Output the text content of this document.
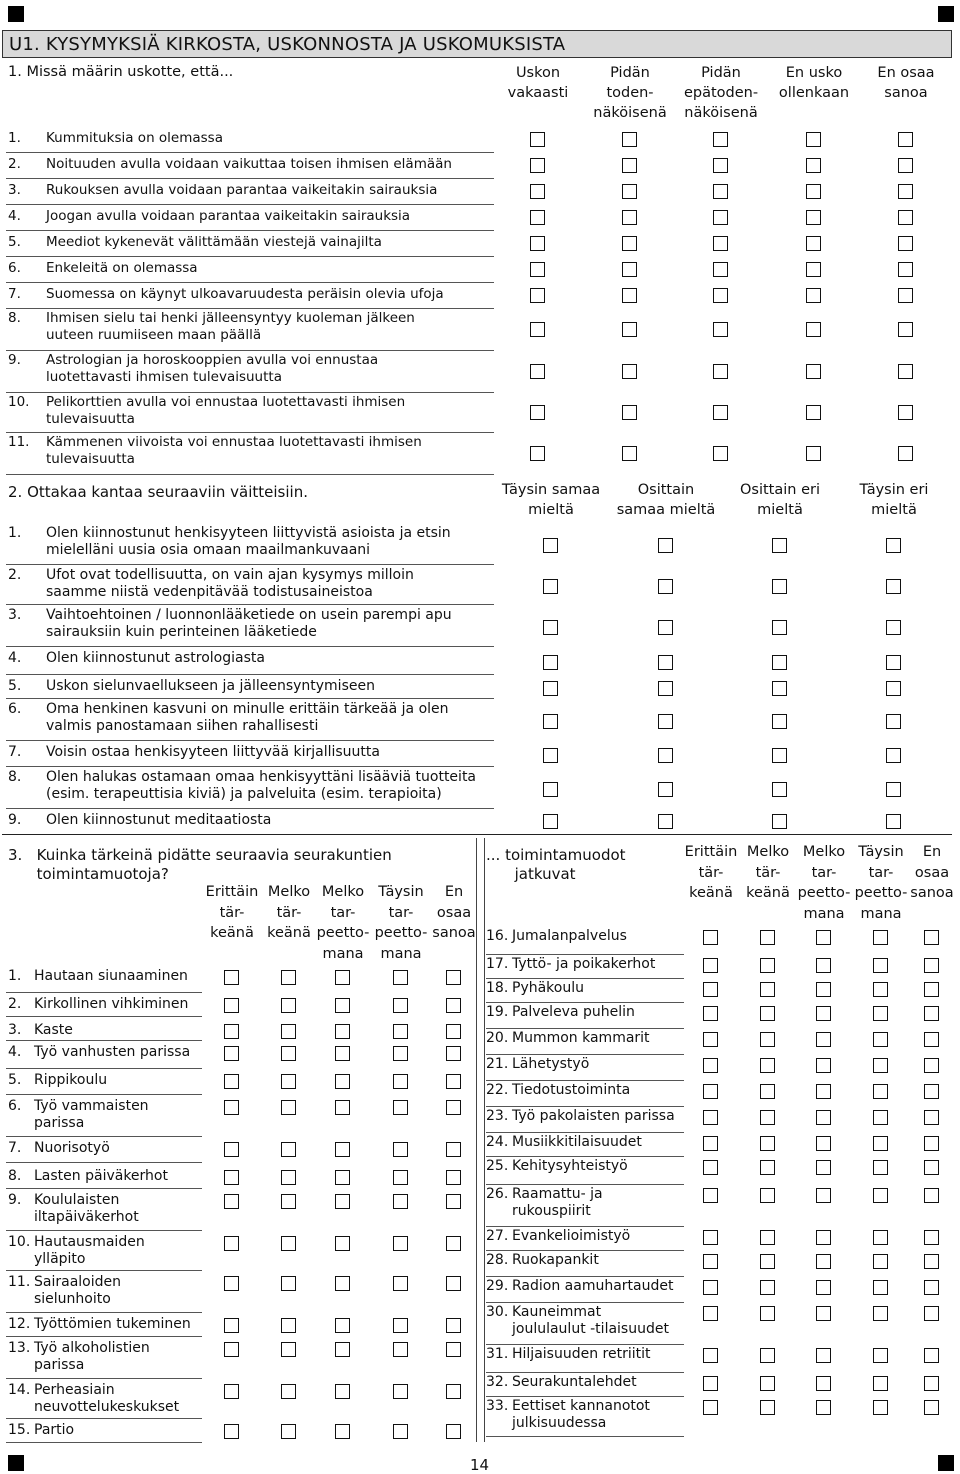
U1. KYSYMYKSIÄ KIRKOSTA, USKONNOSTA JA USKOMUKSISTA
1. Missä määrin uskotte, että...	Uskon
vakaasti
Pidän
toden-
näköisenä
Pidän
epätoden-
näköisenä
En usko
ollenkaan
En osaa
sanoa
1. Kummituksia on olemassa
2. Noituuden avulla voidaan vaikuttaa toisen ihmisen elämään
3. Rukouksen avulla voidaan parantaa vaikeitakin sairauksia
4. Joogan avulla voidaan parantaa vaikeitakin sairauksia
5. Meediot kykenevät välittämään viestejä vainajilta
6. Enkeleitä on olemassa
7. Suomessa on käynyt ulkoavaruudesta peräisin olevia ufoja
8. Ihmisen sielu tai henki jälleensyntyy kuoleman jälkeen
uuteen ruumiiseen maan päällä
9. Astrologian ja horoskooppien avulla voi ennustaa
luotettavasti ihmisen tulevaisuutta
10. Pelikorttien avulla voi ennustaa luotettavasti ihmisen
tulevaisuutta
11. Kämmenen viivoista voi ennustaa luotettavasti ihmisen
tulevaisuutta
2. Ottakaa kantaa seuraaviin väitteisiin.	Täysin samaa
mieltä
Osittain
samaa mieltä
Osittain eri
mieltä
Täysin eri
mieltä
1. Olen kiinnostunut henkisyyteen liittyvistä asioista ja etsin
mielelläni uusia osia omaan maailmankuvaani
2. Ufot ovat todellisuutta, on vain ajan kysymys milloin
saamme niistä vedenpitävää todistusaineistoa
3. Vaihtoehtoinen / luonnonlääketiede on usein parempi apu
sairauksiin kuin perinteinen lääketiede
4. Olen kiinnostunut astrologiasta
5. Uskon sielunvaellukseen ja jälleensyntymiseen
6. Oma henkinen kasvuni on minulle erittäin tärkeää ja olen
valmis panostamaan siihen rahallisesti
7. Voisin ostaa henkisyyteen liittyvää kirjallisuutta
8. Olen halukas ostamaan omaa henkisyyttäni lisääviä tuotteita
(esim. terapeuttisia kiviä) ja palveluita (esim. terapioita)
9. Olen kiinnostunut meditaatiosta
3.   Kuinka tärkeinä pidätte seuraavia seurakuntien
toimintamuotoja?
Erittäin
tär-
keänä
Melko
tär-
keänä
Melko
tar-
peetto-
mana
Täysin
tar-
peetto-
mana
En
osaa
sanoa
1. Hautaan siunaaminen
2. Kirkollinen vihkiminen
3. Kaste
4. Työ vanhusten parissa
5. Rippikoulu
6. Työ vammaisten
parissa
7. Nuorisotyö
8. Lasten päiväkerhot
9. Koululaisten
iltapäiväkerhot
10. Hautausmaiden
ylläpito
11. Sairaaloiden
sielunhoito
12. Työttömien tukeminen
13. Työ alkoholistien
parissa
14. Perheasiain
neuvottelukeskukset
15. Partio
... toimintamuodot
jatkuvat
Erittäin
tär-
keänä
Melko
tär-
keänä
Melko
tar-
peetto-
mana
Täysin
tar-
peetto-
mana
En
osaa
sanoa
16. Jumalanpalvelus
17. Tyttö- ja poikakerhot
18. Pyhäkoulu
19. Palveleva puhelin
20. Mummon kammarit
21. Lähetystyö
22. Tiedotustoiminta
23. Työ pakolaisten parissa
24. Musiikkitilaisuudet
25. Kehitysyhteistyö
26. Raamattu- ja
rukouspiirit
27. Evankelioimistyö
28. Ruokapankit
29. Radion aamuhartaudet
30. Kauneimmat
joululaulut -tilaisuudet
31. Hiljaisuuden retriitit
32. Seurakuntalehdet
33. Eettiset kannanotot
julkisuudessa
14
